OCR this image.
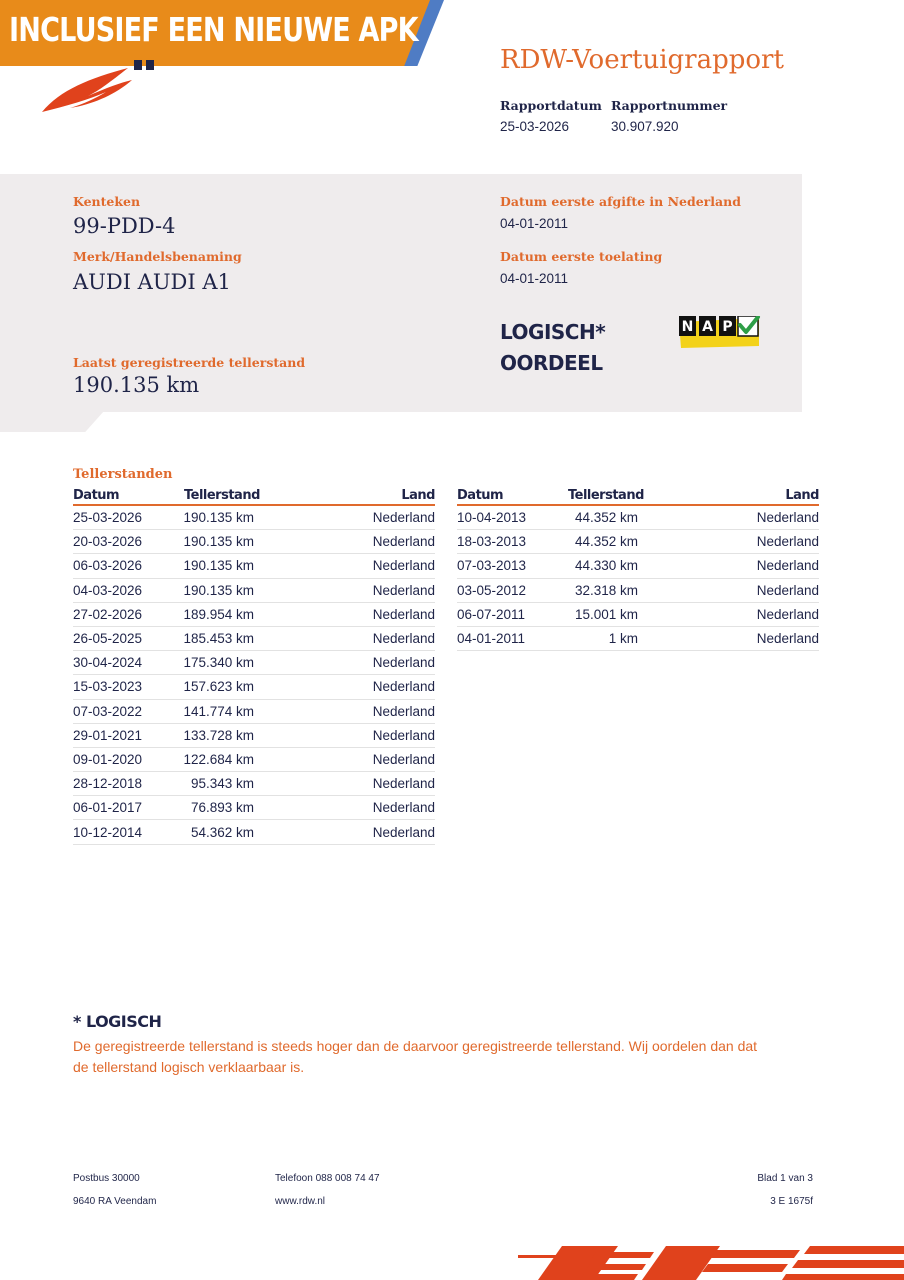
INCLUSIEF EEN NIEUWE APK
RDW-Voertuigrapport
Rapportdatum Rapportnummer
25-03-2026	30.907.920
Kenteken
99-PDD-4
Merk/Handelsbenaming
AUDI AUDI A1
Laatst geregistreerde tellerstand
190.135 km
Datum eerste afgifte in Nederland
04-01-2011
Datum eerste toelating
04-01-2011
LOGISCH*
OORDEEL
N A P
Tellerstanden
Datum	Tellerstand	Land
25-03-2026	190.135 km	Nederland
20-03-2026	190.135 km	Nederland
06-03-2026	190.135 km	Nederland
04-03-2026	190.135 km	Nederland
27-02-2026	189.954 km	Nederland
26-05-2025	185.453 km	Nederland
30-04-2024	175.340 km	Nederland
15-03-2023	157.623 km	Nederland
07-03-2022	141.774 km	Nederland
29-01-2021	133.728 km	Nederland
09-01-2020	122.684 km	Nederland
28-12-2018	95.343 km	Nederland
06-01-2017	76.893 km	Nederland
10-12-2014	54.362 km	Nederland
Datum	Tellerstand	Land
10-04-2013	44.352 km	Nederland
18-03-2013	44.352 km	Nederland
07-03-2013	44.330 km	Nederland
03-05-2012	32.318 km	Nederland
06-07-2011	15.001 km	Nederland
04-01-2011	1 km	Nederland
* LOGISCH
De geregistreerde tellerstand is steeds hoger dan de daarvoor geregistreerde tellerstand. Wij oordelen dan dat de tellerstand logisch verklaarbaar is.
Postbus 30000
9640 RA Veendam
Telefoon 088 008 74 47
www.rdw.nl
Blad 1 van 3
3 E 1675f
